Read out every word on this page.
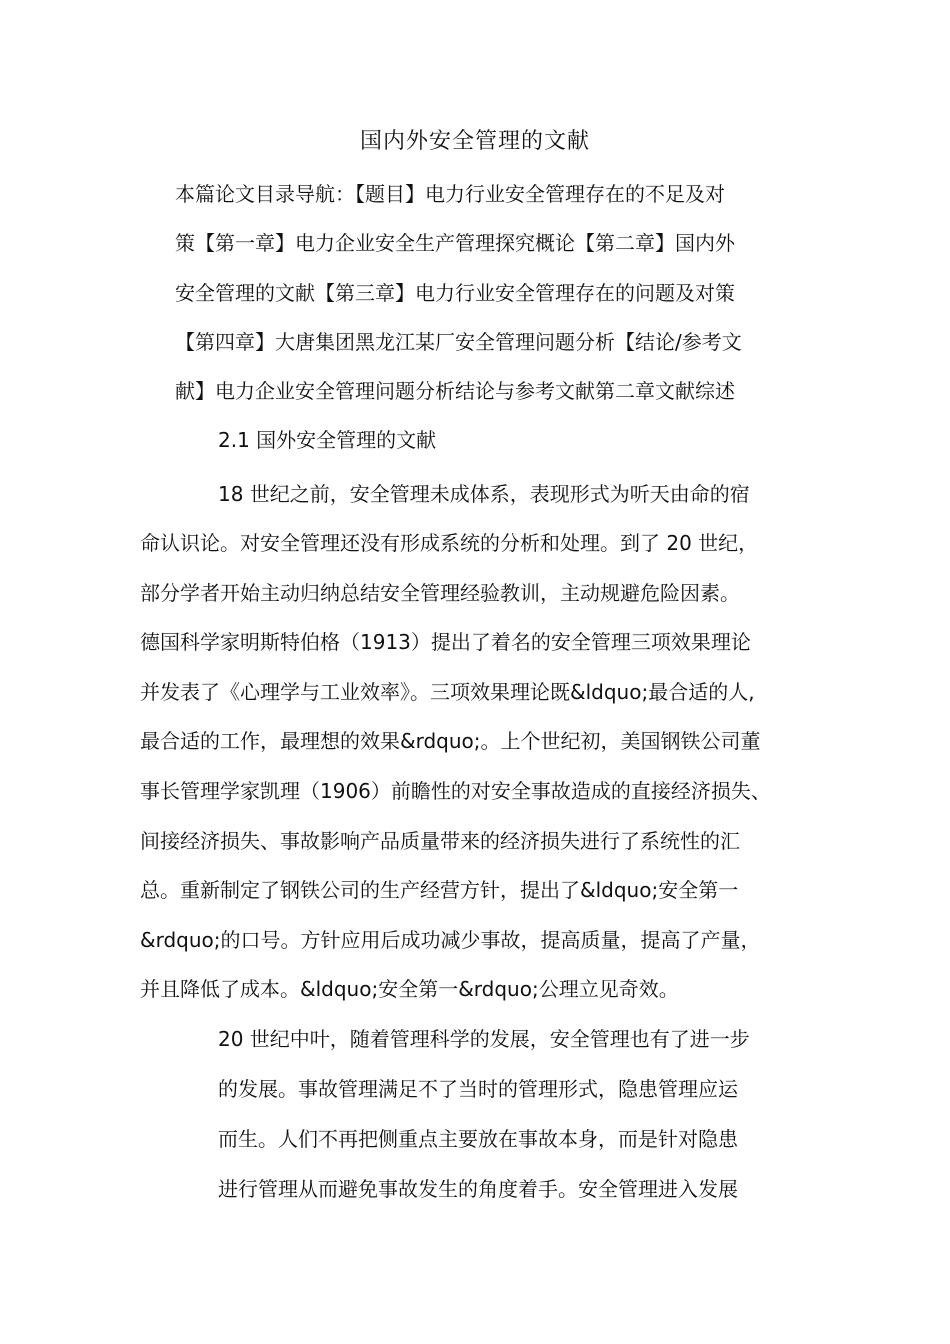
国内外安全管理的文献
本篇论文目录导航：【题目】电力行业安全管理存在的不足及对
策【第一章】电力企业安全生产管理探究概论【第二章】国内外
安全管理的文献【第三章】电力行业安全管理存在的问题及对策
【第四章】大唐集团黑龙江某厂安全管理问题分析【结论/参考文
献】电力企业安全管理问题分析结论与参考文献第二章文献综述
2.1 国外安全管理的文献
18 世纪之前，安全管理未成体系，表现形式为听天由命的宿
命认识论。对安全管理还没有形成系统的分析和处理。到了 20 世纪，
部分学者开始主动归纳总结安全管理经验教训，主动规避危险因素。
德国科学家明斯特伯格（1913）提出了着名的安全管理三项效果理论
并发表了《心理学与工业效率》。三项效果理论既&ldquo;最合适的人,
最合适的工作，最理想的效果&rdquo;。上个世纪初，美国钢铁公司董
事长管理学家凯理（1906）前瞻性的对安全事故造成的直接经济损失、
间接经济损失、事故影响产品质量带来的经济损失进行了系统性的汇
总。重新制定了钢铁公司的生产经营方针，提出了&ldquo;安全第一
&rdquo;的口号。方针应用后成功减少事故，提高质量，提高了产量，
并且降低了成本。&ldquo;安全第一&rdquo;公理立见奇效。
20 世纪中叶，随着管理科学的发展，安全管理也有了进一步
的发展。事故管理满足不了当时的管理形式，隐患管理应运
而生。人们不再把侧重点主要放在事故本身，而是针对隐患
进行管理从而避免事故发生的角度着手。安全管理进入发展
